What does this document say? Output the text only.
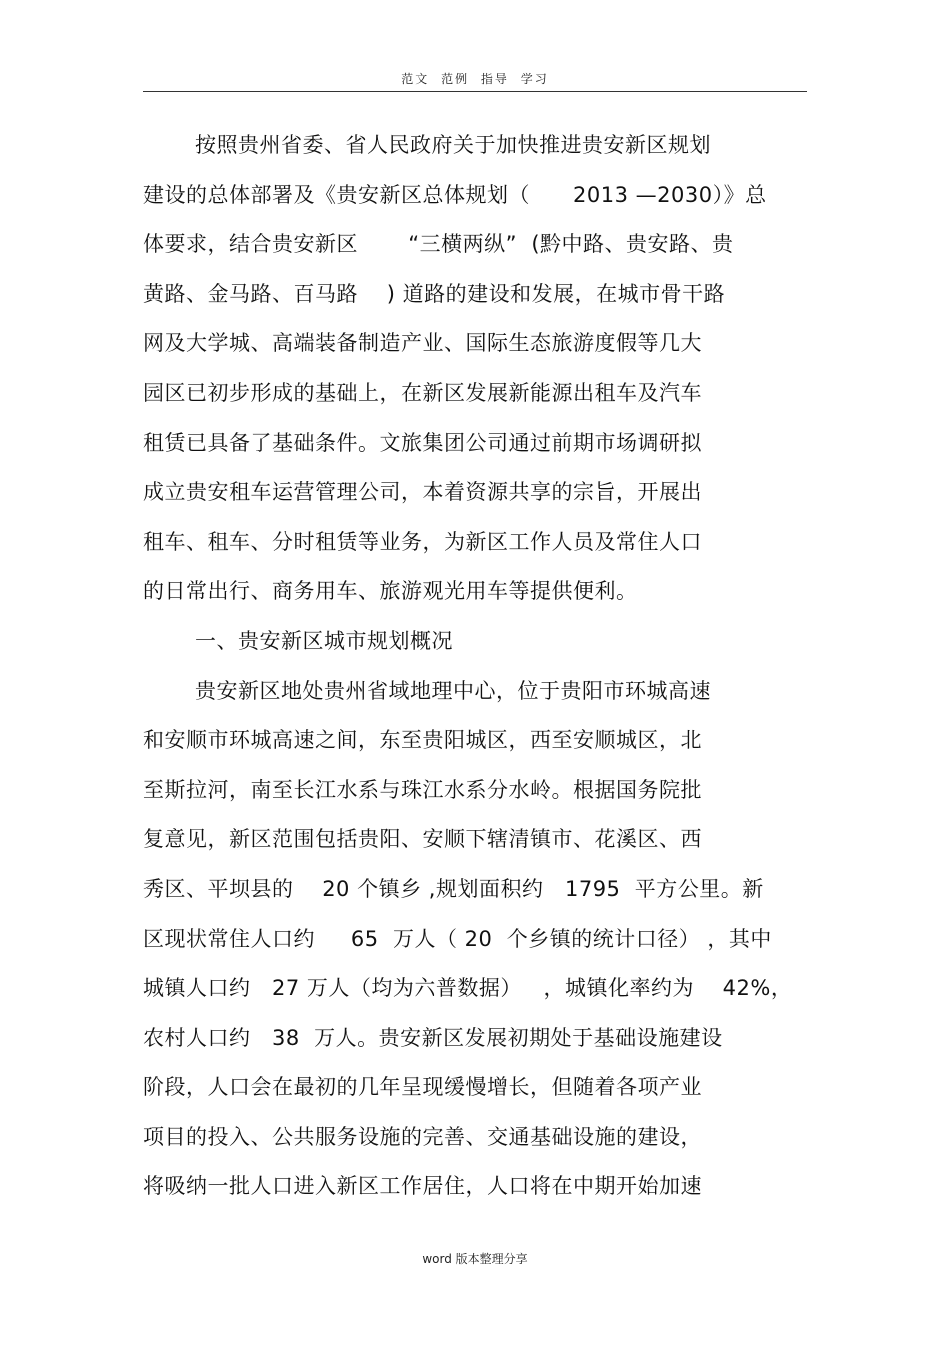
范文 范例 指导 学习
按照贵州省委、省人民政府关于加快推进贵安新区规划
建设的总体部署及《贵安新区总体规划（      2013 —2030）》总
体要求，结合贵安新区       “三横两纵”  (黔中路、贵安路、贵
黄路、金马路、百马路    ) 道路的建设和发展，在城市骨干路
网及大学城、高端装备制造产业、国际生态旅游度假等几大
园区已初步形成的基础上，在新区发展新能源出租车及汽车
租赁已具备了基础条件。文旅集团公司通过前期市场调研拟
成立贵安租车运营管理公司，本着资源共享的宗旨，开展出
租车、租车、分时租赁等业务，为新区工作人员及常住人口
的日常出行、商务用车、旅游观光用车等提供便利。
一、贵安新区城市规划概况
贵安新区地处贵州省域地理中心，位于贵阳市环城高速
和安顺市环城高速之间，东至贵阳城区，西至安顺城区，北
至斯拉河，南至长江水系与珠江水系分水岭。根据国务院批
复意见，新区范围包括贵阳、安顺下辖清镇市、花溪区、西
秀区、平坝县的    20 个镇乡 ,规划面积约   1795  平方公里。新
区现状常住人口约     65  万人（ 20  个乡镇的统计口径） ，其中
城镇人口约   27 万人（均为六普数据）   ，城镇化率约为    42%，
农村人口约   38  万人。贵安新区发展初期处于基础设施建设
阶段，人口会在最初的几年呈现缓慢增长，但随着各项产业
项目的投入、公共服务设施的完善、交通基础设施的建设，
将吸纳一批人口进入新区工作居住，人口将在中期开始加速
word 版本整理分享
